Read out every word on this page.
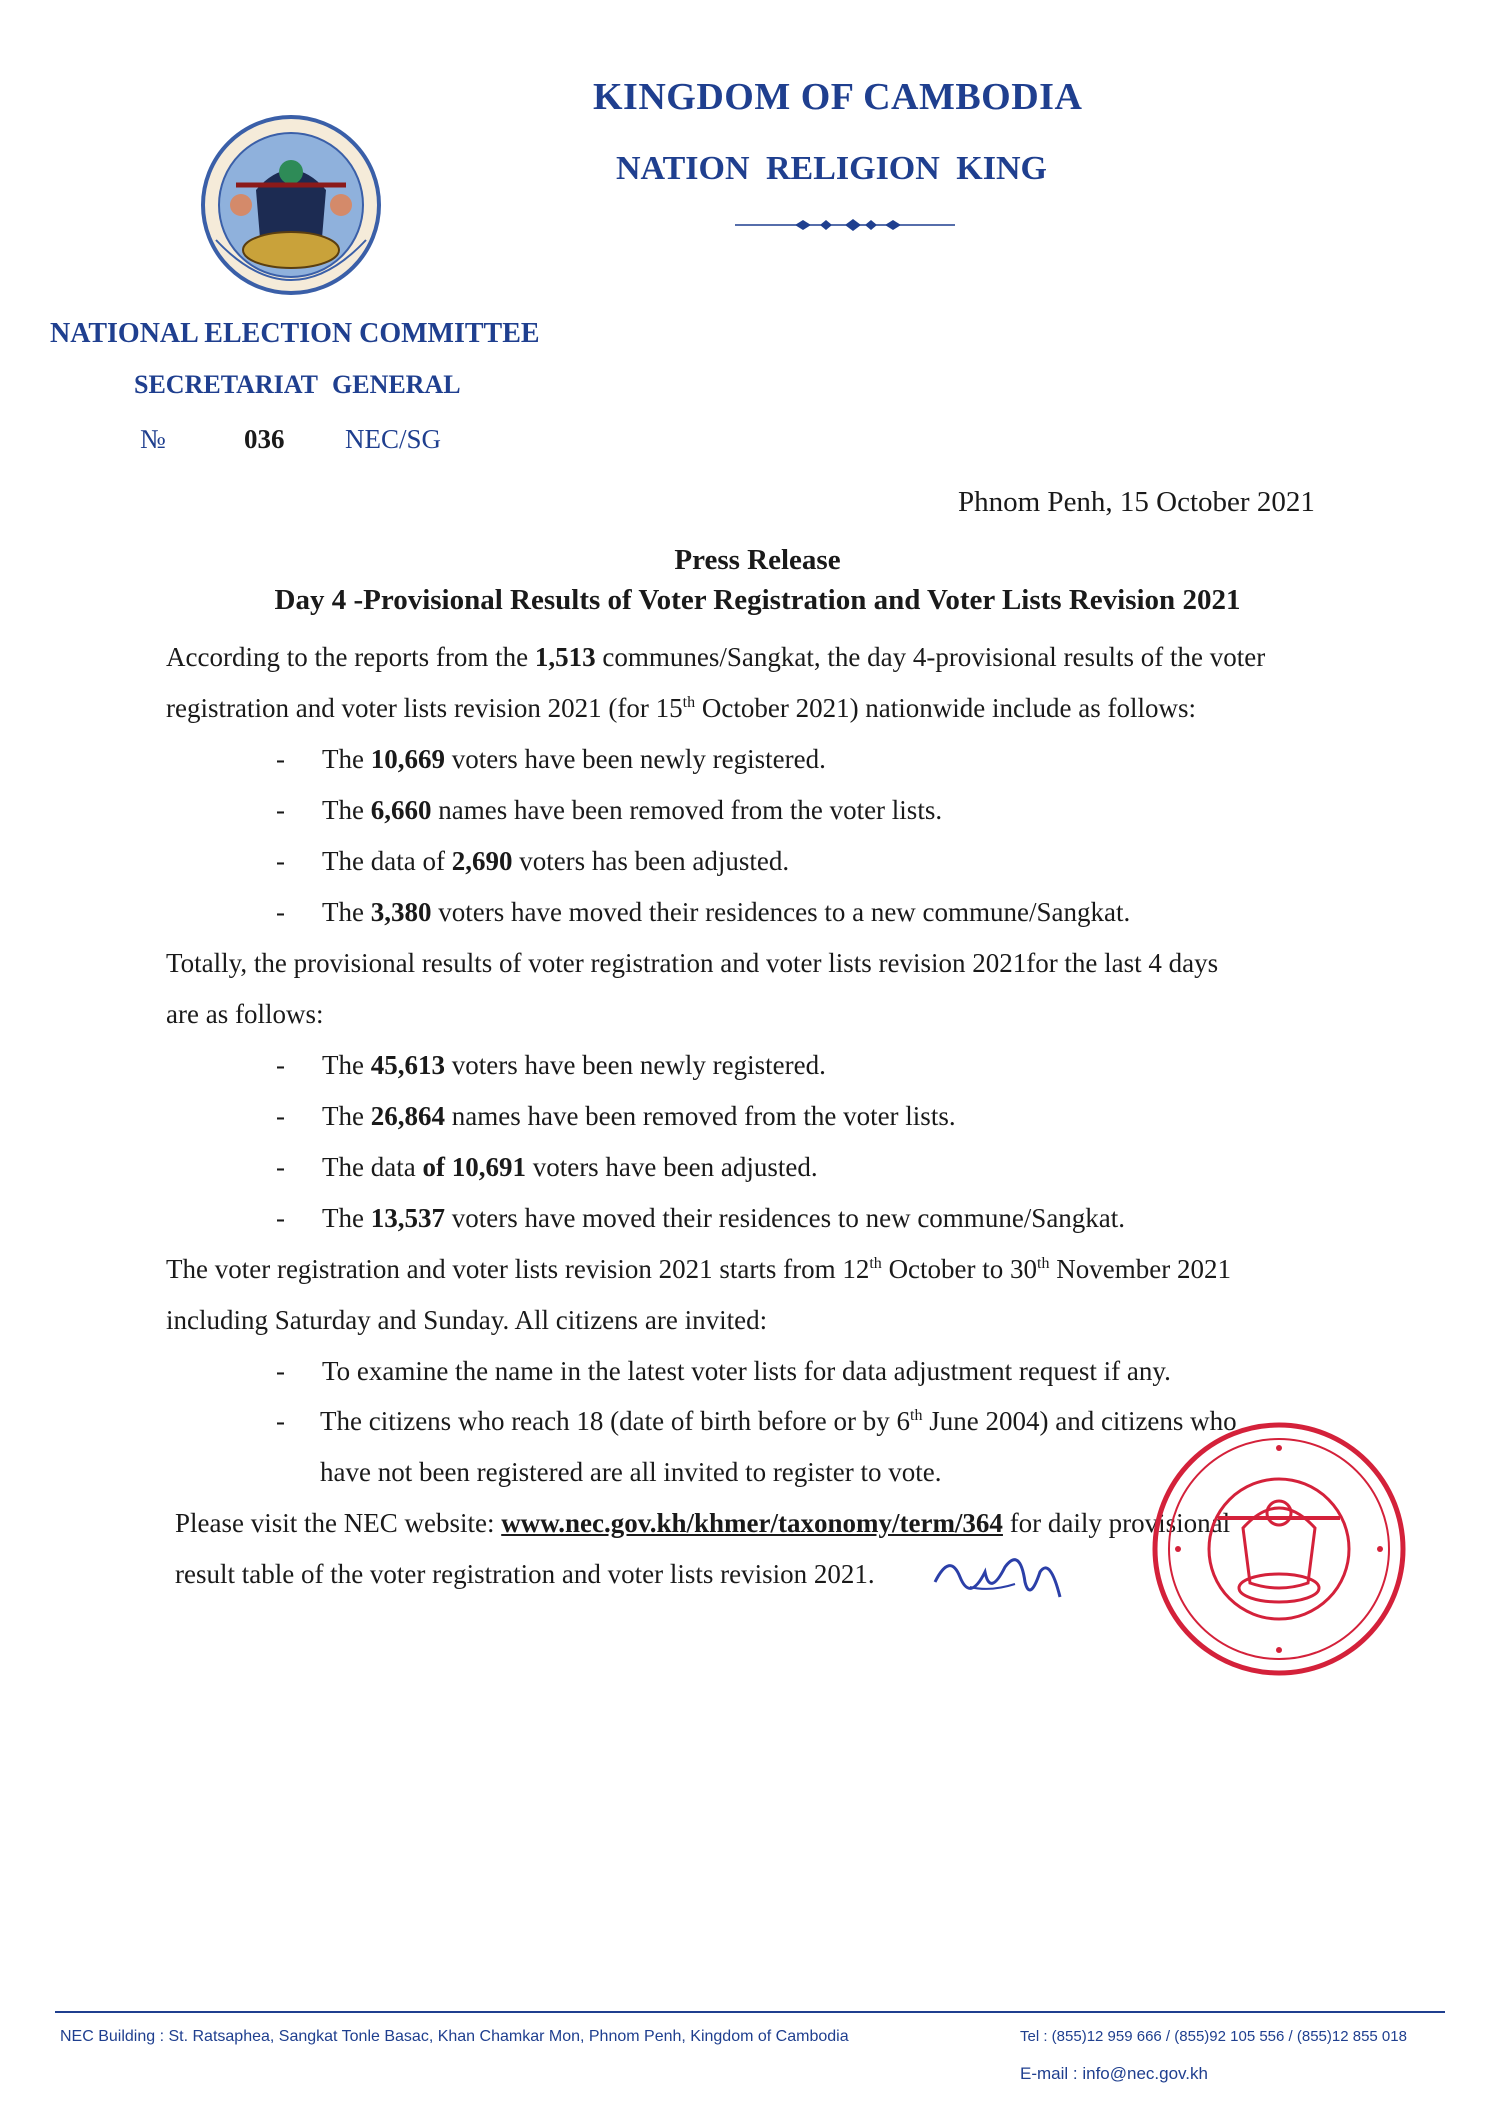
KINGDOM OF CAMBODIA
NATION RELIGION KING
NATIONAL ELECTION COMMITTEE
SECRETARIAT GENERAL
№	036 NEC/SG
Phnom Penh, 15 October 2021
Press Release
Day 4 -Provisional Results of Voter Registration and Voter Lists Revision 2021
According to the reports from the 1,513 communes/Sangkat, the day 4-provisional results of the voter
registration and voter lists revision 2021 (for 15th October 2021) nationwide include as follows:
- The 10,669 voters have been newly registered.
- The 6,660 names have been removed from the voter lists.
- The data of 2,690 voters has been adjusted.
- The 3,380 voters have moved their residences to a new commune/Sangkat.
Totally, the provisional results of voter registration and voter lists revision 2021for the last 4 days
are as follows:
- The 45,613 voters have been newly registered.
- The 26,864 names have been removed from the voter lists.
- The data of 10,691 voters have been adjusted.
- The 13,537 voters have moved their residences to new commune/Sangkat.
The voter registration and voter lists revision 2021 starts from 12th October to 30th November 2021
including Saturday and Sunday. All citizens are invited:
- To examine the name in the latest voter lists for data adjustment request if any.
- The citizens who reach 18 (date of birth before or by 6th June 2004) and citizens who
have not been registered are all invited to register to vote.
Please visit the NEC website: www.nec.gov.kh/khmer/taxonomy/term/364 for daily provisional
result table of the voter registration and voter lists revision 2021.
NEC Building : St. Ratsaphea, Sangkat Tonle Basac, Khan Chamkar Mon, Phnom Penh, Kingdom of Cambodia	Tel : (855)12 959 666 / (855)92 105 556 / (855)12 855 018
E-mail : info@nec.gov.kh
